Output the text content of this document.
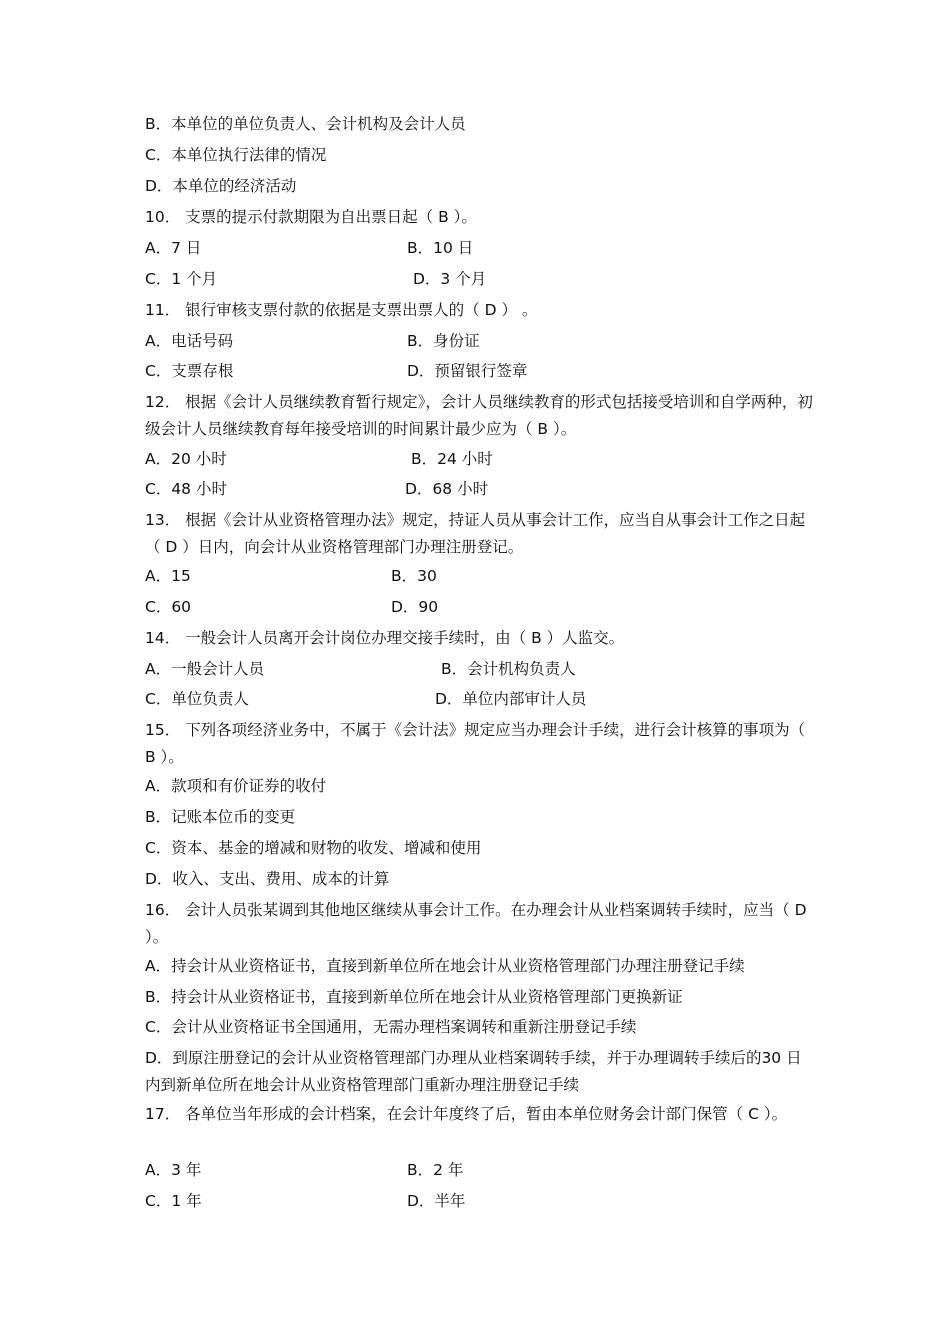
B．本单位的单位负责人、会计机构及会计人员
C．本单位执行法律的情况
D．本单位的经济活动
10． 支票的提示付款期限为自出票日起（ B ）。
A．7 日	B．10 日
C．1 个月	D．3 个月
11． 银行审核支票付款的依据是支票出票人的（ D ） 。
A．电话号码	B．身份证
C．支票存根	D．预留银行签章
12． 根据《会计人员继续教育暂行规定》，会计人员继续教育的形式包括接受培训和自学两种，初级会计人员继续教育每年接受培训的时间累计最少应为（ B ）。
A．20 小时	B．24 小时
C．48 小时	D．68 小时
13． 根据《会计从业资格管理办法》规定，持证人员从事会计工作，应当自从事会计工作之日起（ D ）日内，向会计从业资格管理部门办理注册登记。
A．15	B．30
C．60	D．90
14． 一般会计人员离开会计岗位办理交接手续时，由（ B ）人监交。
A．一般会计人员	B．会计机构负责人
C．单位负责人	D．单位内部审计人员
15． 下列各项经济业务中，不属于《会计法》规定应当办理会计手续，进行会计核算的事项为（ B ）。
A．款项和有价证券的收付
B．记账本位币的变更
C．资本、基金的增减和财物的收发、增减和使用
D．收入、支出、费用、成本的计算
16． 会计人员张某调到其他地区继续从事会计工作。在办理会计从业档案调转手续时，应当（ D ）。
A．持会计从业资格证书，直接到新单位所在地会计从业资格管理部门办理注册登记手续
B．持会计从业资格证书，直接到新单位所在地会计从业资格管理部门更换新证
C．会计从业资格证书全国通用，无需办理档案调转和重新注册登记手续
D．到原注册登记的会计从业资格管理部门办理从业档案调转手续，并于办理调转手续后的30 日内到新单位所在地会计从业资格管理部门重新办理注册登记手续
17． 各单位当年形成的会计档案，在会计年度终了后，暂由本单位财务会计部门保管（ C ）。
A．3 年	B．2 年
C．1 年	D．半年
